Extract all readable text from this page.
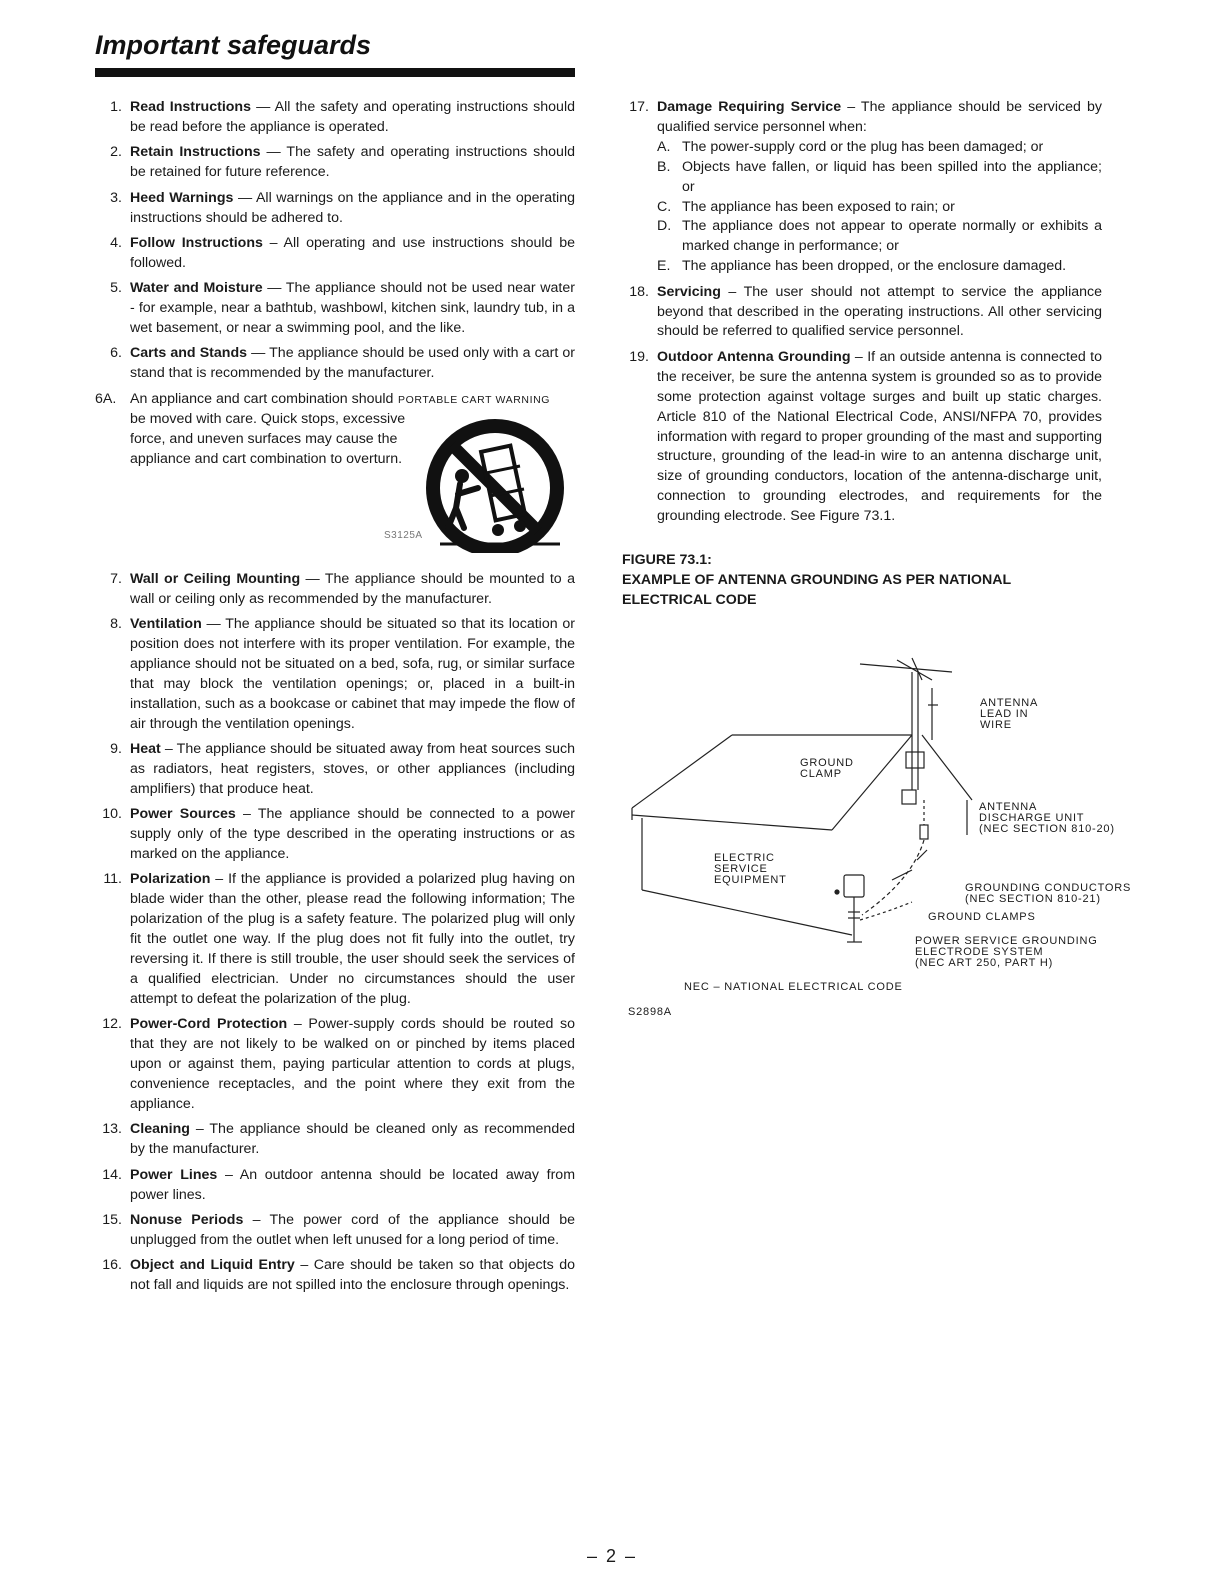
Important safeguards
1. Read Instructions — All the safety and operating instructions should be read before the appliance is operated.
2. Retain Instructions — The safety and operating instructions should be retained for future reference.
3. Heed Warnings — All warnings on the appliance and in the operating instructions should be adhered to.
4. Follow Instructions – All operating and use instructions should be followed.
5. Water and Moisture — The appliance should not be used near water - for example, near a bathtub, washbowl, kitchen sink, laundry tub, in a wet basement, or near a swimming pool, and the like.
6. Carts and Stands — The appliance should be used only with a cart or stand that is recommended by the manufacturer.
6A. An appliance and cart combination should be moved with care. Quick stops, excessive force, and uneven surfaces may cause the appliance and cart combination to overturn.
PORTABLE CART WARNING
S3125A
7. Wall or Ceiling Mounting — The appliance should be mounted to a wall or ceiling only as recommended by the manufacturer.
8. Ventilation — The appliance should be situated so that its location or position does not interfere with its proper ventilation. For example, the appliance should not be situated on a bed, sofa, rug, or similar surface that may block the ventilation openings; or, placed in a built-in installation, such as a bookcase or cabinet that may impede the flow of air through the ventilation openings.
9. Heat – The appliance should be situated away from heat sources such as radiators, heat registers, stoves, or other appliances (including amplifiers) that produce heat.
10. Power Sources – The appliance should be connected to a power supply only of the type described in the operating instructions or as marked on the appliance.
11. Polarization – If the appliance is provided a polarized plug having on blade wider than the other, please read the following information; The polarization of the plug is a safety feature. The polarized plug will only fit the outlet one way. If the plug does not fit fully into the outlet, try reversing it. If there is still trouble, the user should seek the services of a qualified electrician. Under no circumstances should the user attempt to defeat the polarization of the plug.
12. Power-Cord Protection – Power-supply cords should be routed so that they are not likely to be walked on or pinched by items placed upon or against them, paying particular attention to cords at plugs, convenience receptacles, and the point where they exit from the appliance.
13. Cleaning – The appliance should be cleaned only as recommended by the manufacturer.
14. Power Lines – An outdoor antenna should be located away from power lines.
15. Nonuse Periods – The power cord of the appliance should be unplugged from the outlet when left unused for a long period of time.
16. Object and Liquid Entry – Care should be taken so that objects do not fall and liquids are not spilled into the enclosure through openings.
17. Damage Requiring Service – The appliance should be serviced by qualified service personnel when:
A. The power-supply cord or the plug has been damaged; or
B. Objects have fallen, or liquid has been spilled into the appliance; or
C. The appliance has been exposed to rain; or
D. The appliance does not appear to operate normally or exhibits a marked change in performance; or
E. The appliance has been dropped, or the enclosure damaged.
18. Servicing – The user should not attempt to service the appliance beyond that described in the operating instructions. All other servicing should be referred to qualified service personnel.
19. Outdoor Antenna Grounding – If an outside antenna is connected to the receiver, be sure the antenna system is grounded so as to provide some protection against voltage surges and built up static charges. Article 810 of the National Electrical Code, ANSI/NFPA 70, provides information with regard to proper grounding of the mast and supporting structure, grounding of the lead-in wire to an antenna discharge unit, size of grounding conductors, location of the antenna-discharge unit, connection to grounding electrodes, and requirements for the grounding electrode. See Figure 73.1.
FIGURE 73.1:
EXAMPLE OF ANTENNA GROUNDING AS PER NATIONAL ELECTRICAL CODE
ANTENNA
LEAD IN
WIRE
GROUND
CLAMP
ANTENNA
DISCHARGE UNIT
(NEC SECTION 810-20)
ELECTRIC
SERVICE
EQUIPMENT
GROUNDING CONDUCTORS
(NEC SECTION 810-21)
GROUND CLAMPS
POWER SERVICE GROUNDING
ELECTRODE SYSTEM
(NEC ART 250, PART H)
NEC – NATIONAL ELECTRICAL CODE
S2898A
– 2 –
